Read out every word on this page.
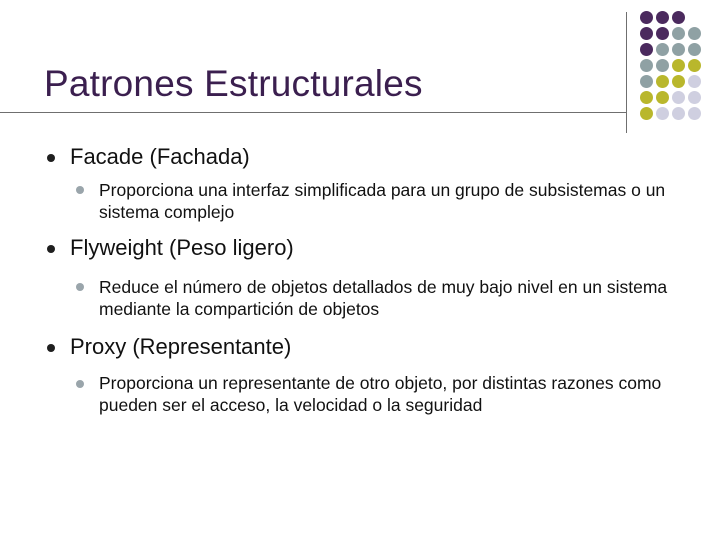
Patrones Estructurales
Facade (Fachada)
Proporciona una interfaz simplificada para un grupo de subsistemas o un sistema complejo
Flyweight (Peso ligero)
Reduce el número de objetos detallados de muy bajo nivel en un sistema mediante la compartición de objetos
Proxy (Representante)
Proporciona un representante de otro objeto, por distintas razones como pueden ser el acceso, la velocidad o la seguridad
